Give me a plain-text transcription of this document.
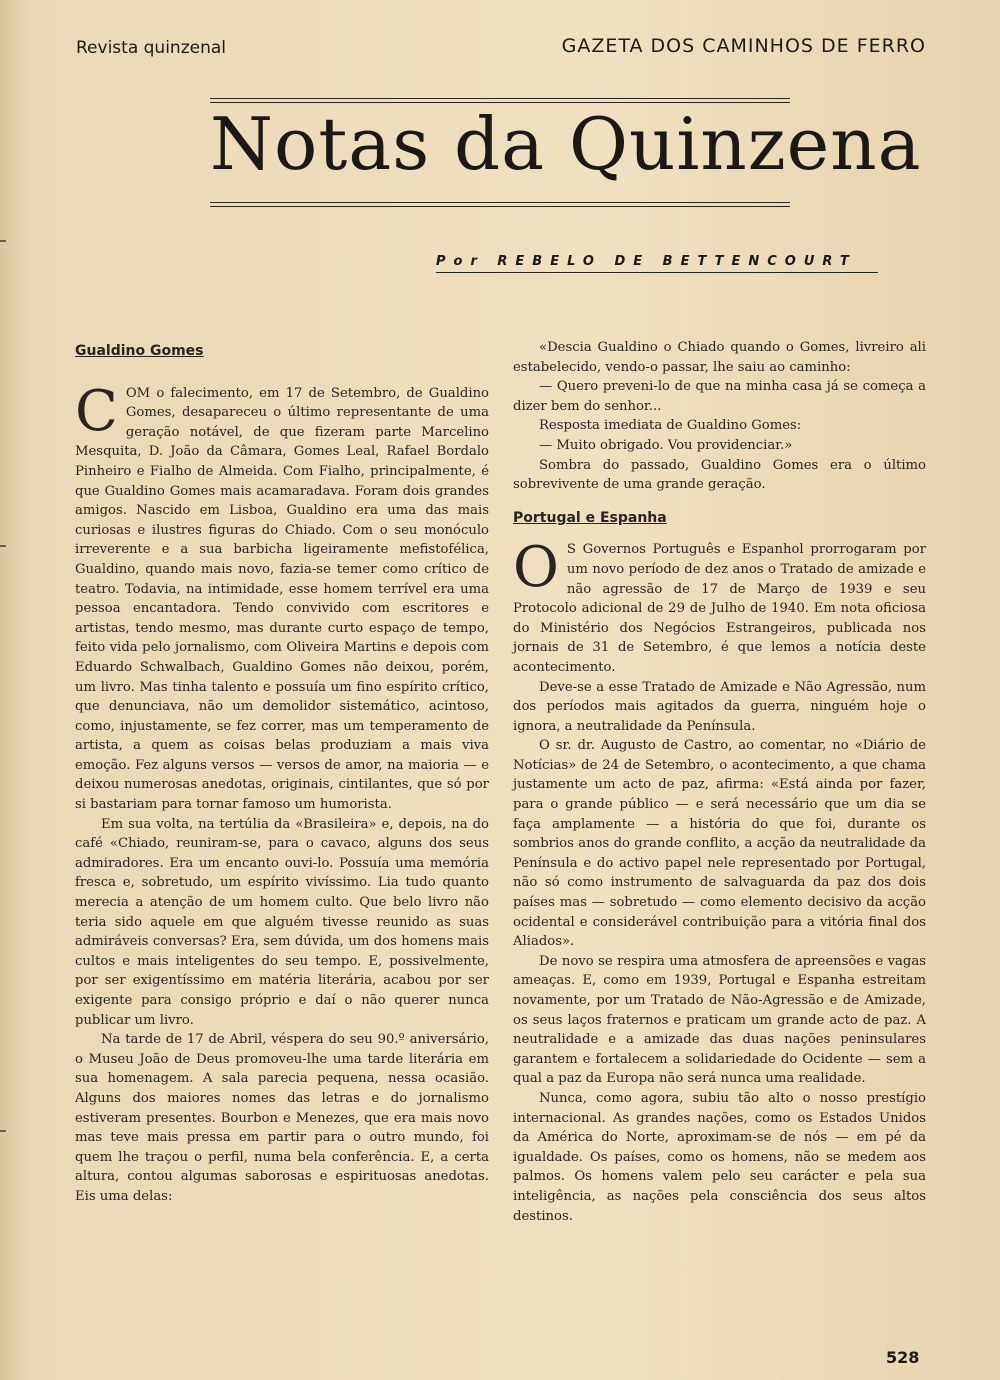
Revista quinzenal	GAZETA DOS CAMINHOS DE FERRO
Notas da Quinzena
Por REBELO DE BETTENCOURT
Gualdino Gomes

COM o falecimento, em 17 de Setembro, de Gualdino Gomes, desapareceu o último representante de uma geração notável, de que fizeram parte Marcelino Mesquita, D. João da Câmara, Gomes Leal, Rafael Bordalo Pinheiro e Fialho de Almeida. Com Fialho, principalmente, é que Gualdino Gomes mais acamaradava. Foram dois grandes amigos. Nascido em Lisboa, Gualdino era uma das mais curiosas e ilustres figuras do Chiado. Com o seu monóculo irreverente e a sua barbicha ligeiramente mefistofélica, Gualdino, quando mais novo, fazia-se temer como crítico de teatro. Todavia, na intimidade, esse homem terrível era uma pessoa encantadora. Tendo convivido com escritores e artistas, tendo mesmo, mas durante curto espaço de tempo, feito vida pelo jornalismo, com Oliveira Martins e depois com Eduardo Schwalbach, Gualdino Gomes não deixou, porém, um livro. Mas tinha talento e possuía um fino espírito crítico, que denunciava, não um demolidor sistemático, acintoso, como, injustamente, se fez correr, mas um temperamento de artista, a quem as coisas belas produziam a mais viva emoção. Fez alguns versos — versos de amor, na maioria — e deixou numerosas anedotas, originais, cintilantes, que só por si bastariam para tornar famoso um humorista.

Em sua volta, na tertúlia da «Brasileira» e, depois, na do café «Chiado, reuniram-se, para o cavaco, alguns dos seus admiradores. Era um encanto ouvi-lo. Possuía uma memória fresca e, sobretudo, um espírito vivíssimo. Lia tudo quanto merecia a atenção de um homem culto. Que belo livro não teria sido aquele em que alguém tivesse reunido as suas admiráveis conversas? Era, sem dúvida, um dos homens mais cultos e mais inteligentes do seu tempo. E, possivelmente, por ser exigentíssimo em matéria literária, acabou por ser exigente para consigo próprio e daí o não querer nunca publicar um livro.

Na tarde de 17 de Abril, véspera do seu 90.º aniversário, o Museu João de Deus promoveu-lhe uma tarde literária em sua homenagem. A sala parecia pequena, nessa ocasião. Alguns dos maiores nomes das letras e do jornalismo estiveram presentes. Bourbon e Menezes, que era mais novo mas teve mais pressa em partir para o outro mundo, foi quem lhe traçou o perfil, numa bela conferência. E, a certa altura, contou algumas saborosas e espirituosas anedotas. Eis uma delas:

«Descia Gualdino o Chiado quando o Gomes, livreiro ali estabelecido, vendo-o passar, lhe saiu ao caminho:

— Quero preveni-lo de que na minha casa já se começa a dizer bem do senhor...

Resposta imediata de Gualdino Gomes:

— Muito obrigado. Vou providenciar.»

Sombra do passado, Gualdino Gomes era o último sobrevivente de uma grande geração.

Portugal e Espanha

O S Governos Português e Espanhol prorrogaram por um novo período de dez anos o Tratado de amizade e não agressão de 17 de Março de 1939 e seu Protocolo adicional de 29 de Julho de 1940. Em nota oficiosa do Ministério dos Negócios Estrangeiros, publicada nos jornais de 31 de Setembro, é que lemos a notícia deste acontecimento.

Deve-se a esse Tratado de Amizade e Não Agressão, num dos períodos mais agitados da guerra, ninguém hoje o ignora, a neutralidade da Península.

O sr. dr. Augusto de Castro, ao comentar, no «Diário de Notícias» de 24 de Setembro, o acontecimento, a que chama justamente um acto de paz, afirma: «Está ainda por fazer, para o grande público — e será necessário que um dia se faça amplamente — a história do que foi, durante os sombrios anos do grande conflito, a acção da neutralidade da Península e do activo papel nele representado por Portugal, não só como instrumento de salvaguarda da paz dos dois países mas — sobretudo — como elemento decisivo da acção ocidental e considerável contribuição para a vitória final dos Aliados».

De novo se respira uma atmosfera de apreensões e vagas ameaças. E, como em 1939, Portugal e Espanha estreitam novamente, por um Tratado de Não-Agressão e de Amizade, os seus laços fraternos e praticam um grande acto de paz. A neutralidade e a amizade das duas nações peninsulares garantem e fortalecem a solidariedade do Ocidente — sem a qual a paz da Europa não será nunca uma realidade.

Nunca, como agora, subiu tão alto o nosso prestígio internacional. As grandes nações, como os Estados Unidos da América do Norte, aproximam-se de nós — em pé da igualdade. Os países, como os homens, não se medem aos palmos. Os homens valem pelo seu carácter e pela sua inteligência, as nações pela consciência dos seus altos destinos.

528
